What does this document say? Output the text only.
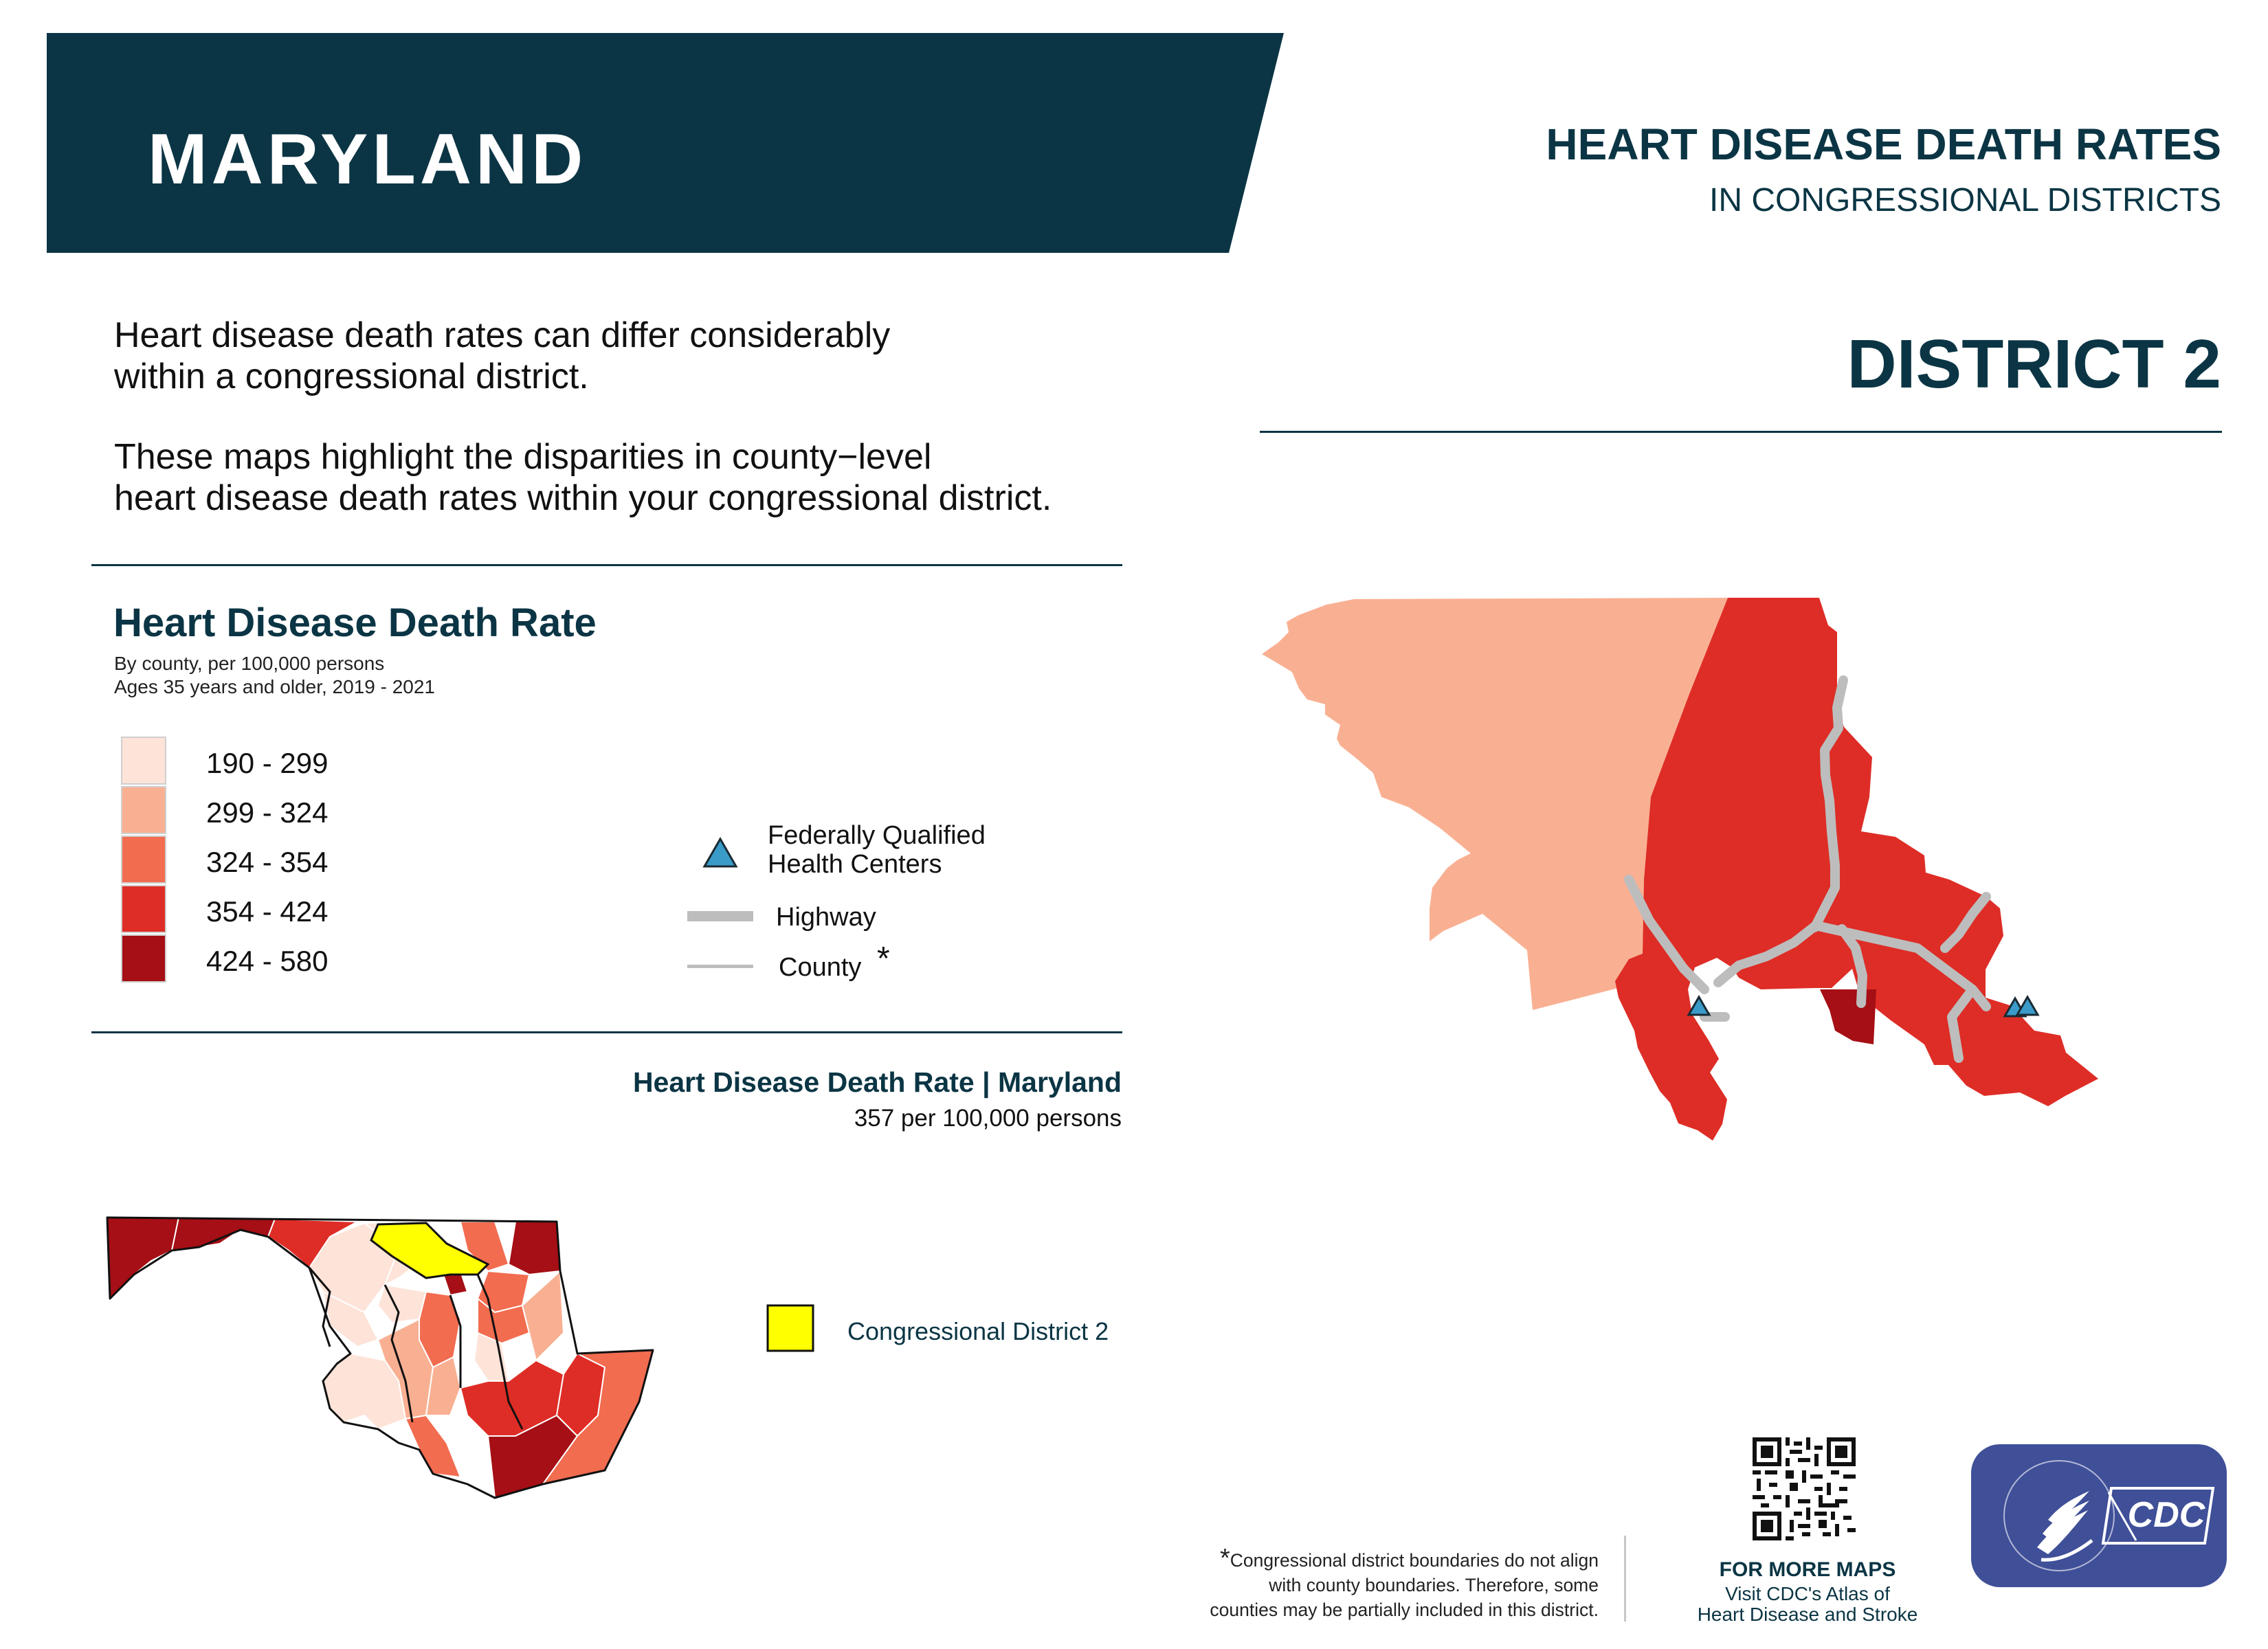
MARYLAND	HEART DISEASE DEATH RATES
IN CONGRESSIONAL DISTRICTS
DISTRICT 2
Heart disease death rates can differ considerably
within a congressional district.
These maps highlight the disparities in county−level
heart disease death rates within your congressional district.
Heart Disease Death Rate
By county, per 100,000 persons
Ages 35 years and older, 2019 - 2021
190 - 299
299 - 324
324 - 354
354 - 424
424 - 580
Federally Qualified
Health Centers
Highway
County *
Heart Disease Death Rate | Maryland
357 per 100,000 persons
Congressional District 2
*Congressional district boundaries do not align
with county boundaries. Therefore, some
counties may be partially included in this district.
FOR MORE MAPS
Visit CDC's Atlas of
Heart Disease and Stroke
CDC
